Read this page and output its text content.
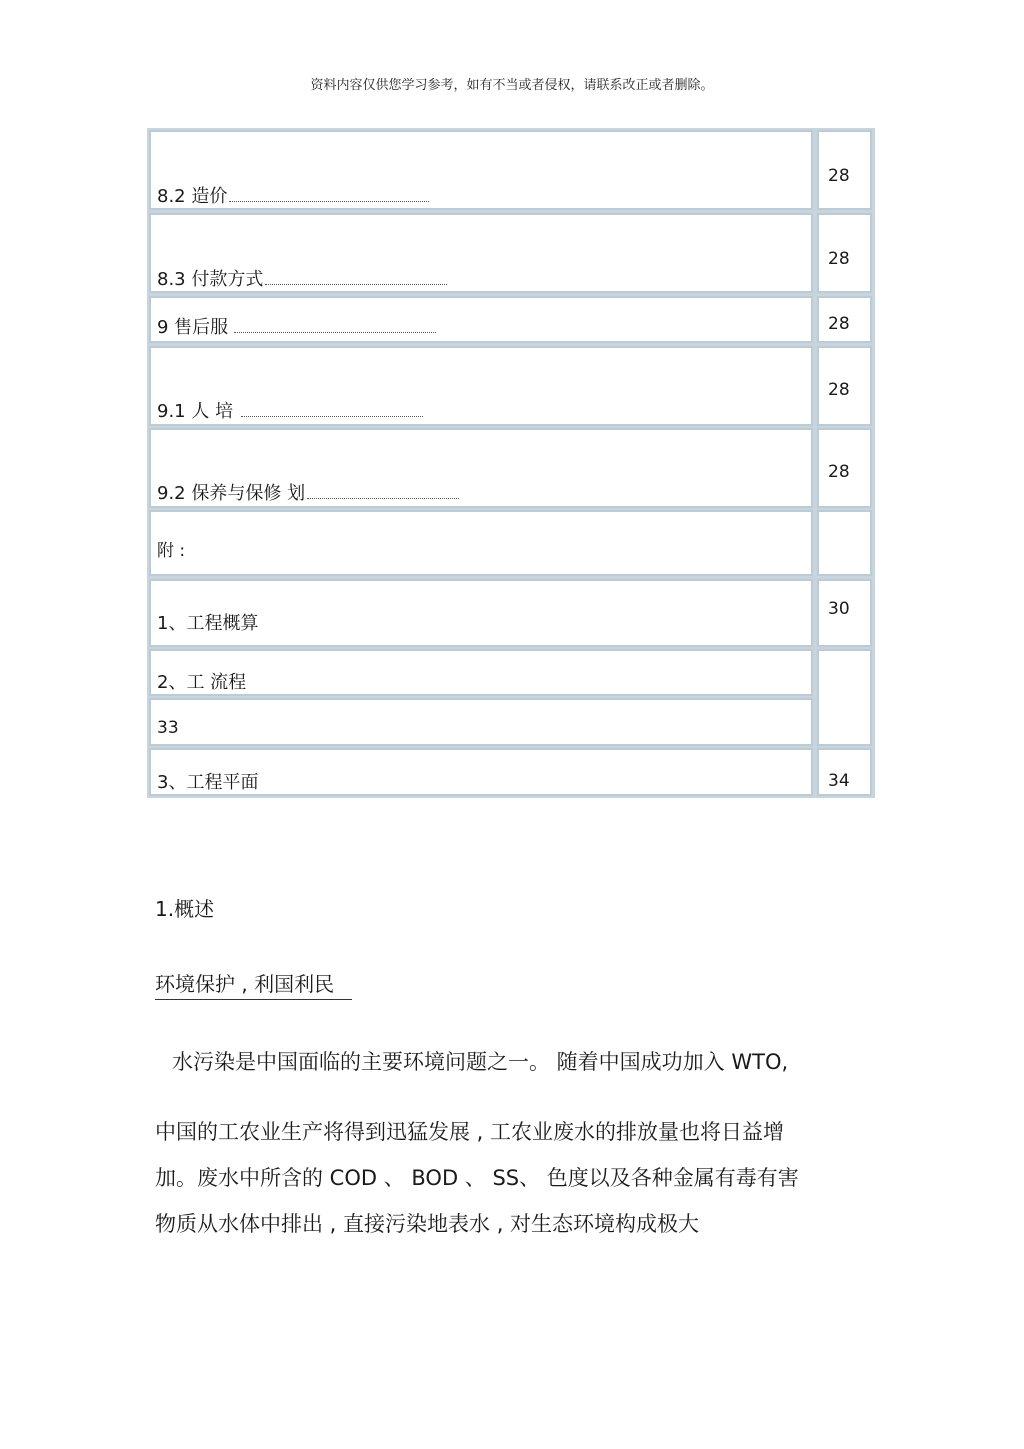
资料内容仅供您学习参考，如有不当或者侵权，请联系改正或者删除。
8.2 造价
28
8.3 付款方式
28
9 售后服	28
9.1 人 培
28
9.2 保养与保修 划
28
附 :
1、工程概算
30
2、工 流程
33
3、工程平面	34
1.概述
环境保护 , 利国利民
水污染是中国面临的主要环境问题之一。 随着中国成功加入 WTO,
中国的工农业生产将得到迅猛发展 , 工农业废水的排放量也将日益增
加。废水中所含的 COD 、 BOD 、 SS、 色度以及各种金属有毒有害
物质从水体中排出 , 直接污染地表水 , 对生态环境构成极大
